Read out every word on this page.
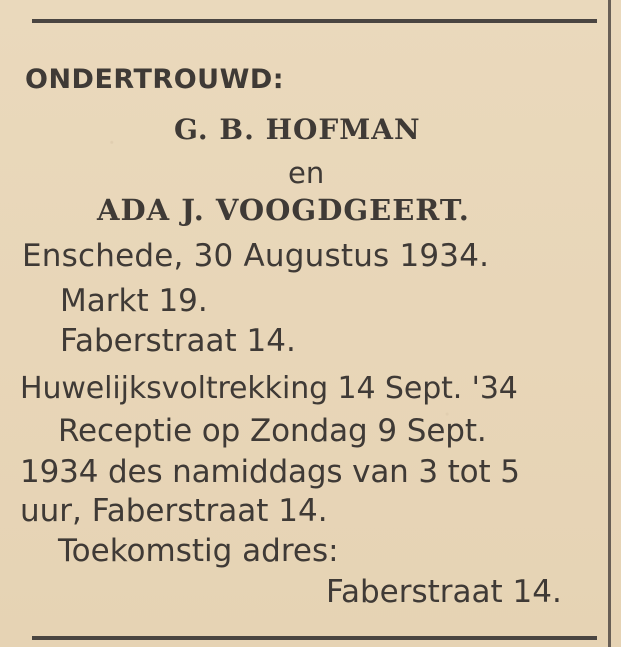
ONDERTROUWD:
G. B. HOFMAN
en
ADA J. VOOGDGEERT.
Enschede, 30 Augustus 1934.
Markt 19.
Faberstraat 14.
Huwelijksvoltrekking 14 Sept. '34
Receptie op Zondag 9 Sept.
1934 des namiddags van 3 tot 5
uur, Faberstraat 14.
Toekomstig adres:
Faberstraat 14.
